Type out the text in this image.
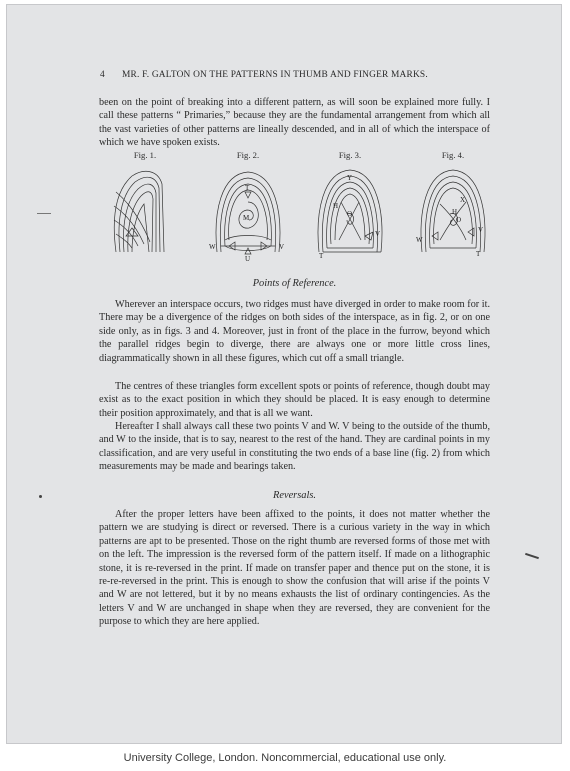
4 MR. F. GALTON ON THE PATTERNS IN THUMB AND FINGER MARKS.

been on the point of breaking into a different pattern, as will soon be explained more fully. I call these patterns “ Primaries,” because they are the fundamental arrangement from which all the vast varieties of other patterns are lineally descended, and in all of which the interspace of which we have spoken exists.

Fig. 1.	Fig. 2.
T
M
W	V
U
Fig. 3.
Y
H
O
V
T
Fig. 4.
X
W
H
O
V
T

Points of Reference.

Wherever an interspace occurs, two ridges must have diverged in order to make room for it. There may be a divergence of the ridges on both sides of the interspace, as in fig. 2, or on one side only, as in figs. 3 and 4. Moreover, just in front of the place in the furrow, beyond which the parallel ridges begin to diverge, there are always one or more little cross lines, diagrammatically shown in all these figures, which cut off a small triangle.

The centres of these triangles form excellent spots or points of reference, though doubt may exist as to the exact position in which they should be placed. It is easy enough to determine their position approximately, and that is all we want.

Hereafter I shall always call these two points V and W. V being to the outside of the thumb, and W to the inside, that is to say, nearest to the rest of the hand. They are cardinal points in my classification, and are very useful in constituting the two ends of a base line (fig. 2) from which measurements may be made and bearings taken.

Reversals.

After the proper letters have been affixed to the points, it does not matter whether the pattern we are studying is direct or reversed. There is a curious variety in the way in which patterns are apt to be presented. Those on the right thumb are reversed forms of those met with on the left. The impression is the reversed form of the pattern itself. If made on a lithographic stone, it is re-reversed in the print. If made on transfer paper and thence put on the stone, it is re-re-reversed in the print. This is enough to show the confusion that will arise if the points V and W are not lettered, but it by no means exhausts the list of ordinary contingencies. As the letters V and W are unchanged in shape when they are reversed, they are convenient for the purpose to which they are here applied.

University College, London. Noncommercial, educational use only.
